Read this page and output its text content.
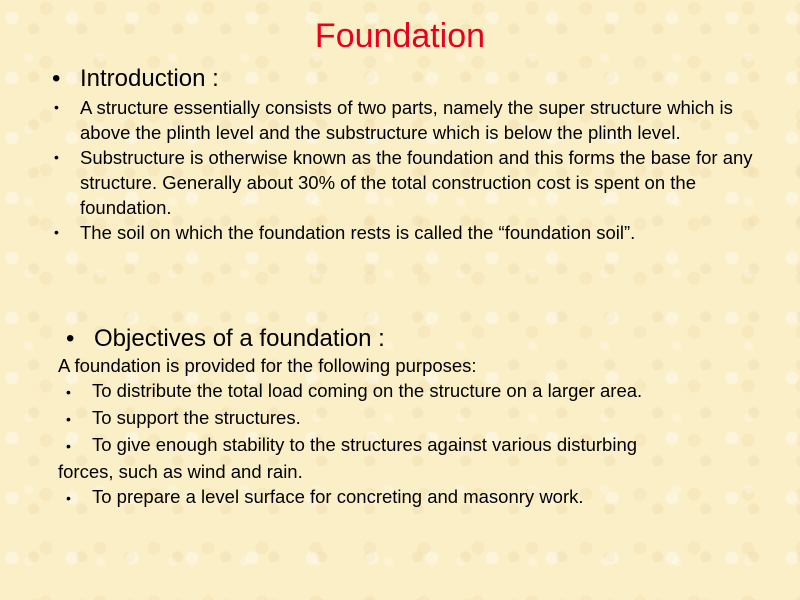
Foundation
• Introduction :
• A structure essentially consists of two parts, namely the super structure which is above the plinth level and the substructure which is below the plinth level.
• Substructure is otherwise known as the foundation and this forms the base for any structure. Generally about 30% of the total construction cost is spent on the foundation.
• The soil on which the foundation rests is called the “foundation soil”.
• Objectives of a foundation :
A foundation is provided for the following purposes:
• To distribute the total load coming on the structure on a larger area.
• To support the structures.
• To give enough stability to the structures against various disturbing
forces, such as wind and rain.
• To prepare a level surface for concreting and masonry work.
